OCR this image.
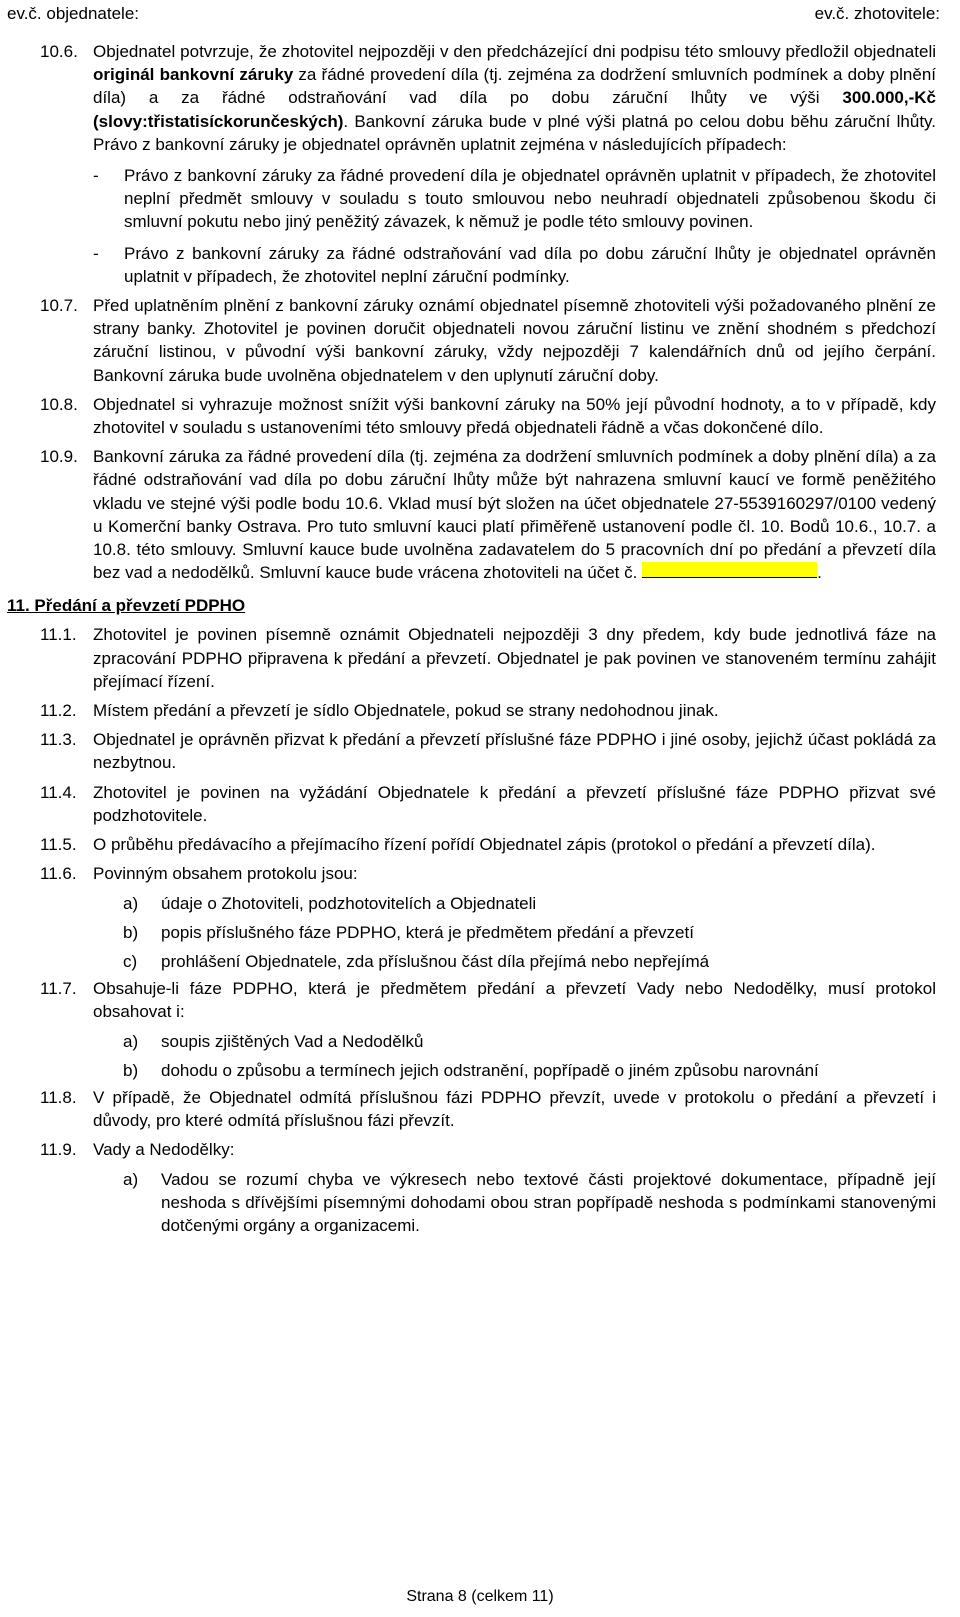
ev.č. objednatele:	ev.č. zhotovitele:
10.6. Objednatel potvrzuje, že zhotovitel nejpozději v den předcházející dni podpisu této smlouvy předložil objednateli originál bankovní záruky za řádné provedení díla (tj. zejména za dodržení smluvních podmínek a doby plnění díla) a za řádné odstraňování vad díla po dobu záruční lhůty ve výši 300.000,-Kč (slovy:třistatisíckorunčeských). Bankovní záruka bude v plné výši platná po celou dobu běhu záruční lhůty. Právo z bankovní záruky je objednatel oprávněn uplatnit zejména v následujících případech:
- Právo z bankovní záruky za řádné provedení díla je objednatel oprávněn uplatnit v případech, že zhotovitel neplní předmět smlouvy v souladu s touto smlouvou nebo neuhradí objednateli způsobenou škodu či smluvní pokutu nebo jiný peněžitý závazek, k němuž je podle této smlouvy povinen.
- Právo z bankovní záruky za řádné odstraňování vad díla po dobu záruční lhůty je objednatel oprávněn uplatnit v případech, že zhotovitel neplní záruční podmínky.
10.7. Před uplatněním plnění z bankovní záruky oznámí objednatel písemně zhotoviteli výši požadovaného plnění ze strany banky. Zhotovitel je povinen doručit objednateli novou záruční listinu ve znění shodném s předchozí záruční listinou, v původní výši bankovní záruky, vždy nejpozději 7 kalendářních dnů od jejího čerpání. Bankovní záruka bude uvolněna objednatelem v den uplynutí záruční doby.
10.8. Objednatel si vyhrazuje možnost snížit výši bankovní záruky na 50% její původní hodnoty, a to v případě, kdy zhotovitel v souladu s ustanoveními této smlouvy předá objednateli řádně a včas dokončené dílo.
10.9. Bankovní záruka za řádné provedení díla (tj. zejména za dodržení smluvních podmínek a doby plnění díla) a za řádné odstraňování vad díla po dobu záruční lhůty může být nahrazena smluvní kaucí ve formě peněžitého vkladu ve stejné výši podle bodu 10.6. Vklad musí být složen na účet objednatele 27-5539160297/0100 vedený u Komerční banky Ostrava. Pro tuto smluvní kauci platí přiměřeně ustanovení podle čl. 10. Bodů 10.6., 10.7. a 10.8. této smlouvy. Smluvní kauce bude uvolněna zadavatelem do 5 pracovních dní po předání a převzetí díla bez vad a nedodělků. Smluvní kauce bude vrácena zhotoviteli na účet č.	.
11. Předání a převzetí PDPHO
11.1. Zhotovitel je povinen písemně oznámit Objednateli nejpozději 3 dny předem, kdy bude jednotlivá fáze na zpracování PDPHO připravena k předání a převzetí. Objednatel je pak povinen ve stanoveném termínu zahájit přejímací řízení.
11.2. Místem předání a převzetí je sídlo Objednatele, pokud se strany nedohodnou jinak.
11.3. Objednatel je oprávněn přizvat k předání a převzetí příslušné fáze PDPHO i jiné osoby, jejichž účast pokládá za nezbytnou.
11.4. Zhotovitel je povinen na vyžádání Objednatele k předání a převzetí příslušné fáze PDPHO přizvat své podzhotovitele.
11.5. O průběhu předávacího a přejímacího řízení pořídí Objednatel zápis (protokol o předání a převzetí díla).
11.6. Povinným obsahem protokolu jsou:
a) údaje o Zhotoviteli, podzhotovitelích a Objednateli
b) popis příslušného fáze PDPHO, která je předmětem předání a převzetí
c) prohlášení Objednatele, zda příslušnou část díla přejímá nebo nepřejímá
11.7. Obsahuje-li fáze PDPHO, která je předmětem předání a převzetí Vady nebo Nedodělky, musí protokol obsahovat i:
a) soupis zjištěných Vad a Nedodělků
b) dohodu o způsobu a termínech jejich odstranění, popřípadě o jiném způsobu narovnání
11.8. V případě, že Objednatel odmítá příslušnou fázi PDPHO převzít, uvede v protokolu o předání a převzetí i důvody, pro které odmítá příslušnou fázi převzít.
11.9. Vady a Nedodělky:
a) Vadou se rozumí chyba ve výkresech nebo textové části projektové dokumentace, případně její neshoda s dřívějšími písemnými dohodami obou stran popřípadě neshoda s podmínkami stanovenými dotčenými orgány a organizacemi.
Strana 8 (celkem 11)
